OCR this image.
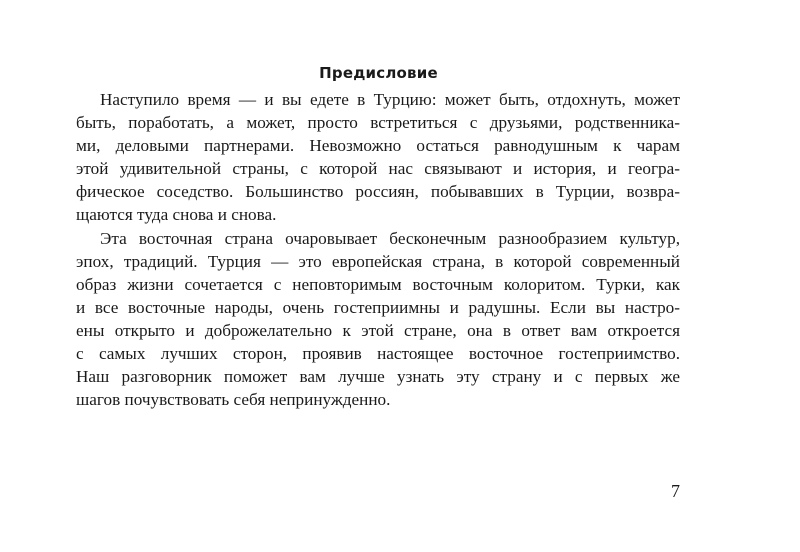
Предисловие
Наступило время — и вы едете в Турцию: может быть, отдохнуть, может
быть, поработать, а может, просто встретиться с друзьями, родственника-
ми, деловыми партнерами. Невозможно остаться равнодушным к чарам
этой удивительной страны, с которой нас связывают и история, и геогра-
фическое соседство. Большинство россиян, побывавших в Турции, возвра-
щаются туда снова и снова.
Эта восточная страна очаровывает бесконечным разнообразием культур,
эпох, традиций. Турция — это европейская страна, в которой современный
образ жизни сочетается с неповторимым восточным колоритом. Турки, как
и все восточные народы, очень гостеприимны и радушны. Если вы настро-
ены открыто и доброжелательно к этой стране, она в ответ вам откроется
с самых лучших сторон, проявив настоящее восточное гостеприимство.
Наш разговорник поможет вам лучше узнать эту страну и с первых же
шагов почувствовать себя непринужденно.
7
